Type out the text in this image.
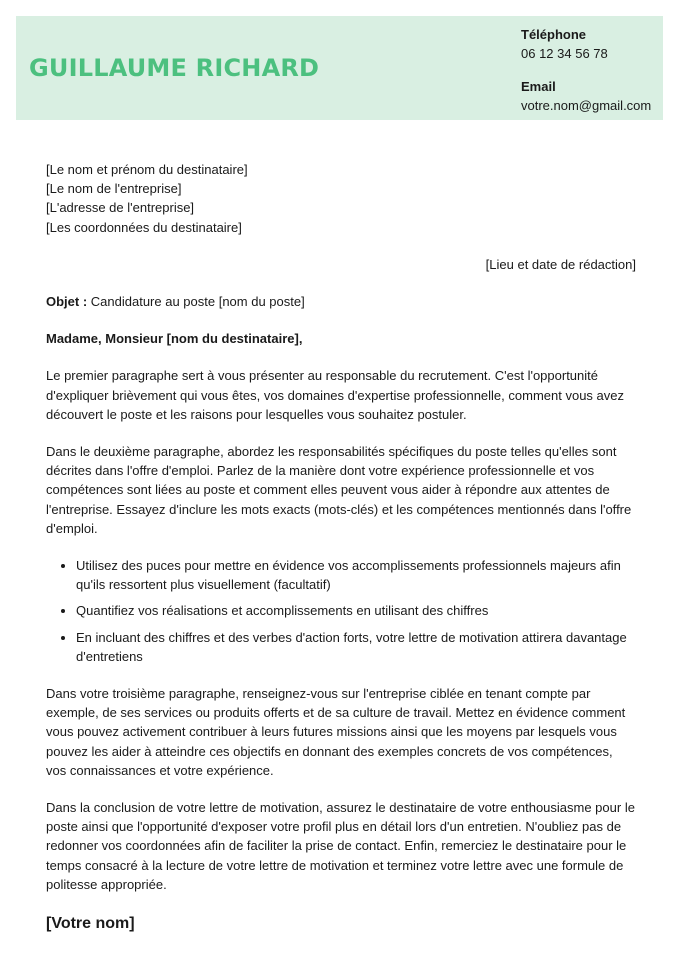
GUILLAUME RICHARD
Téléphone
06 12 34 56 78
Email
votre.nom@gmail.com
[Le nom et prénom du destinataire]
[Le nom de l'entreprise]
[L'adresse de l'entreprise]
[Les coordonnées du destinataire]
[Lieu et date de rédaction]
Objet : Candidature au poste [nom du poste]
Madame, Monsieur [nom du destinataire],

Le premier paragraphe sert à vous présenter au responsable du recrutement. C'est l'opportunité d'expliquer brièvement qui vous êtes, vos domaines d'expertise professionnelle, comment vous avez découvert le poste et les raisons pour lesquelles vous souhaitez postuler.

Dans le deuxième paragraphe, abordez les responsabilités spécifiques du poste telles qu'elles sont décrites dans l'offre d'emploi. Parlez de la manière dont votre expérience professionnelle et vos compétences sont liées au poste et comment elles peuvent vous aider à répondre aux attentes de l'entreprise. Essayez d'inclure les mots exacts (mots-clés) et les compétences mentionnés dans l'offre d'emploi.

• Utilisez des puces pour mettre en évidence vos accomplissements professionnels majeurs afin qu'ils ressortent plus visuellement (facultatif)
• Quantifiez vos réalisations et accomplissements en utilisant des chiffres
• En incluant des chiffres et des verbes d'action forts, votre lettre de motivation attirera davantage d'entretiens

Dans votre troisième paragraphe, renseignez-vous sur l'entreprise ciblée en tenant compte par exemple, de ses services ou produits offerts et de sa culture de travail. Mettez en évidence comment vous pouvez activement contribuer à leurs futures missions ainsi que les moyens par lesquels vous pouvez les aider à atteindre ces objectifs en donnant des exemples concrets de vos compétences, vos connaissances et votre expérience.

Dans la conclusion de votre lettre de motivation, assurez le destinataire de votre enthousiasme pour le poste ainsi que l'opportunité d'exposer votre profil plus en détail lors d'un entretien. N'oubliez pas de redonner vos coordonnées afin de faciliter la prise de contact. Enfin, remerciez le destinataire pour le temps consacré à la lecture de votre lettre de motivation et terminez votre lettre avec une formule de politesse appropriée.

[Votre nom]
